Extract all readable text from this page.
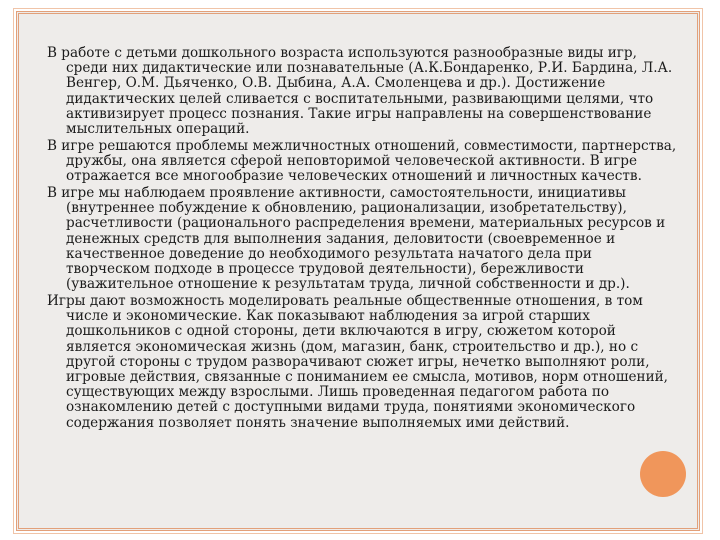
В работе с детьми дошкольного возраста используются разнообразные виды игр, среди них дидактические или познавательные (А.К.Бондаренко, Р.И. Бардина, Л.А. Венгер, О.М. Дьяченко, О.В. Дыбина, А.А. Смоленцева и др.). Достижение дидактических целей сливается с воспитательными, развивающими целями, что активизирует процесс познания. Такие игры направлены на совершенствование мыслительных операций.

В игре решаются проблемы межличностных отношений, совместимости, партнерства, дружбы, она является сферой неповторимой человеческой активности. В игре отражается все многообразие человеческих отношений и личностных качеств.

В игре мы наблюдаем проявление активности, самостоятельности, инициативы (внутреннее побуждение к обновлению, рационализации, изобретательству), расчетливости (рационального распределения времени, материальных ресурсов и денежных средств для выполнения задания, деловитости (своевременное и качественное доведение до необходимого результата начатого дела при творческом подходе в процессе трудовой деятельности), бережливости (уважительное отношение к результатам труда, личной собственности и др.).

Игры дают возможность моделировать реальные общественные отношения, в том числе и экономические. Как показывают наблюдения за игрой старших дошкольников с одной стороны, дети включаются в игру, сюжетом которой является экономическая жизнь (дом, магазин, банк, строительство и др.), но с другой стороны с трудом разворачивают сюжет игры, нечетко выполняют роли, игровые действия, связанные с пониманием ее смысла, мотивов, норм отношений, существующих между взрослыми. Лишь проведенная педагогом работа по ознакомлению детей с доступными видами труда, понятиями экономического содержания позволяет понять значение выполняемых ими действий.
